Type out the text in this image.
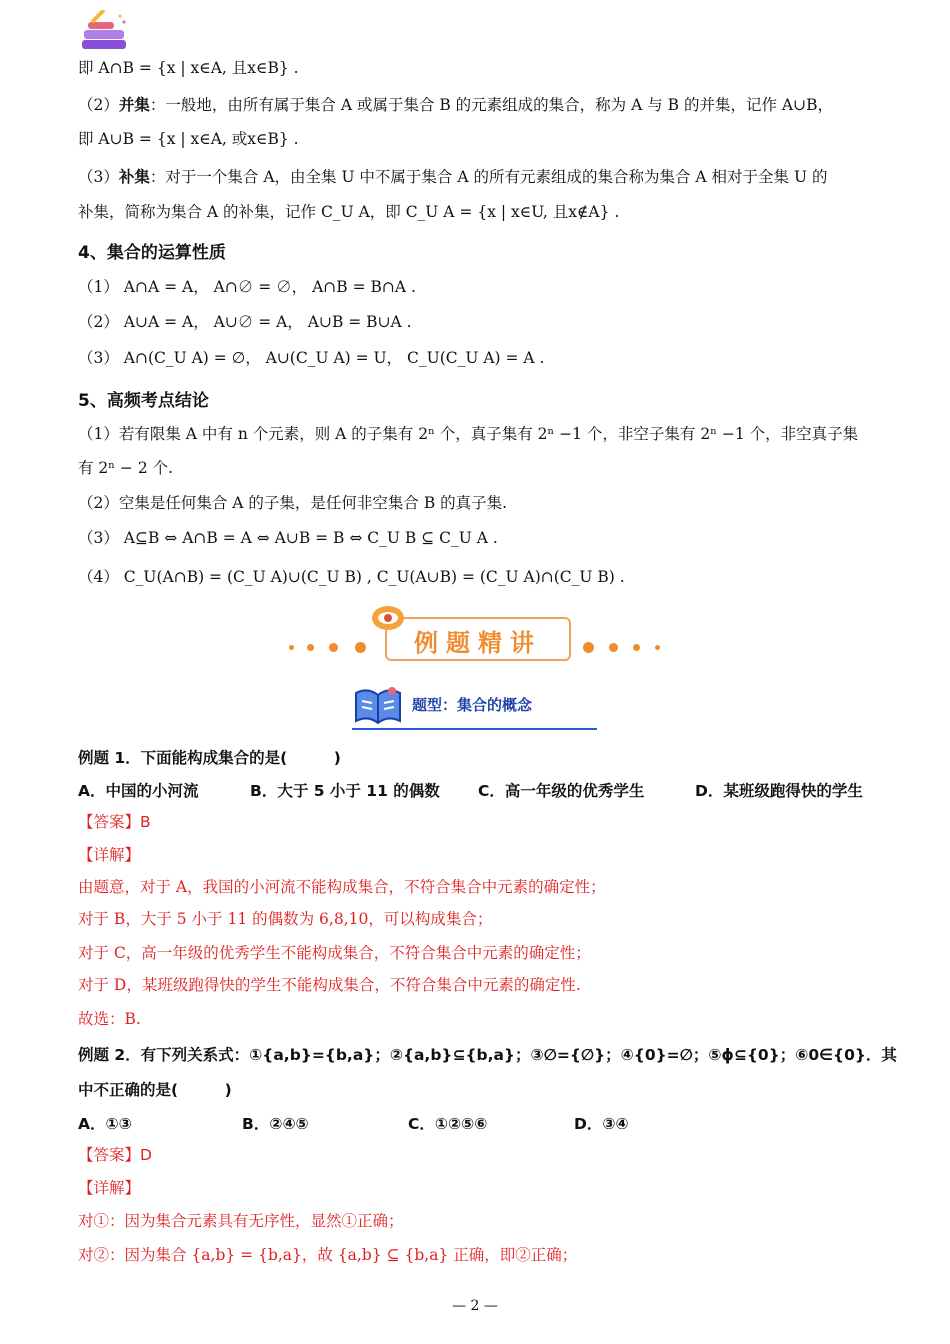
即 A∩B = {x | x∈A, 且x∈B} .
（2）并集：一般地，由所有属于集合 A 或属于集合 B 的元素组成的集合，称为 A 与 B 的并集，记作 A∪B，
即 A∪B = {x | x∈A, 或x∈B} .
（3）补集：对于一个集合 A，由全集 U 中不属于集合 A 的所有元素组成的集合称为集合 A 相对于全集 U 的
补集，简称为集合 A 的补集，记作 C_U A，即 C_U A = {x | x∈U, 且x∉A} .
4、集合的运算性质
（1） A∩A = A， A∩∅ = ∅， A∩B = B∩A .
（2） A∪A = A， A∪∅ = A， A∪B = B∪A .
（3） A∩(C_U A) = ∅， A∪(C_U A) = U， C_U(C_U A) = A .
5、高频考点结论
（1）若有限集 A 中有 n 个元素，则 A 的子集有 2ⁿ 个，真子集有 2ⁿ −1 个，非空子集有 2ⁿ −1 个，非空真子集
有 2ⁿ − 2 个.
（2）空集是任何集合 A 的子集，是任何非空集合 B 的真子集.
（3） A⊆B ⇔ A∩B = A ⇔ A∪B = B ⇔ C_U B ⊆ C_U A .
（4） C_U(A∩B) = (C_U A)∪(C_U B) , C_U(A∪B) = (C_U A)∩(C_U B) .
例题精讲
题型：集合的概念
例题 1．下面能构成集合的是(　　　)
A．中国的小河流	B．大于 5 小于 11 的偶数 C．高一年级的优秀学生	D．某班级跑得快的学生
【答案】B
【详解】
由题意，对于 A，我国的小河流不能构成集合，不符合集合中元素的确定性；
对于 B，大于 5 小于 11 的偶数为 6,8,10，可以构成集合；
对于 C，高一年级的优秀学生不能构成集合，不符合集合中元素的确定性；
对于 D，某班级跑得快的学生不能构成集合，不符合集合中元素的确定性.
故选：B.
例题 2．有下列关系式：①{a,b}={b,a}；②{a,b}⊆{b,a}；③∅={∅}；④{0}=∅；⑤ϕ⊆{0}；⑥0∈{0}．其
中不正确的是(　　　)
A．①③	B．②④⑤	C．①②⑤⑥	D．③④
【答案】D
【详解】
对①：因为集合元素具有无序性，显然①正确；
对②：因为集合 {a,b} = {b,a}，故 {a,b} ⊆ {b,a} 正确，即②正确；
— 2 —
